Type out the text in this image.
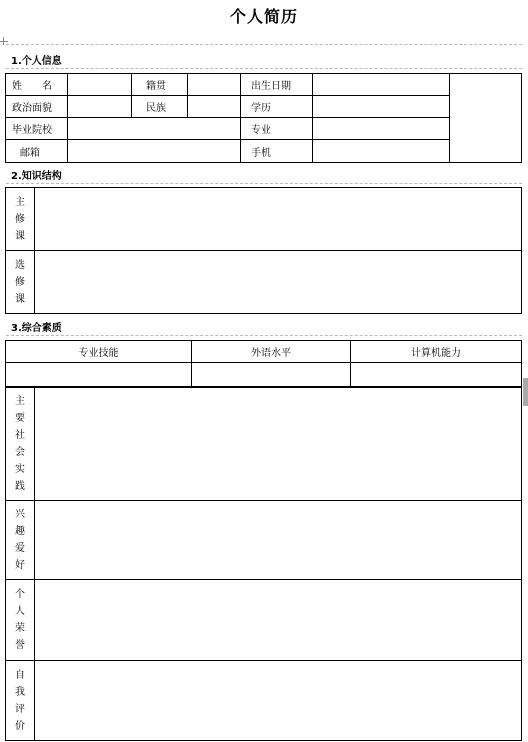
个人简历
1.个人信息
姓　　名		籍贯		出生日期		
政治面貌		民族		学历		
毕业院校				专业		
邮箱				手机		
2.知识结构
主修课	
选修课	
3.综合素质
专业技能	外语水平	计算机能力

主要社会实践	
兴趣爱好	
个人荣誉	
自我评价	
